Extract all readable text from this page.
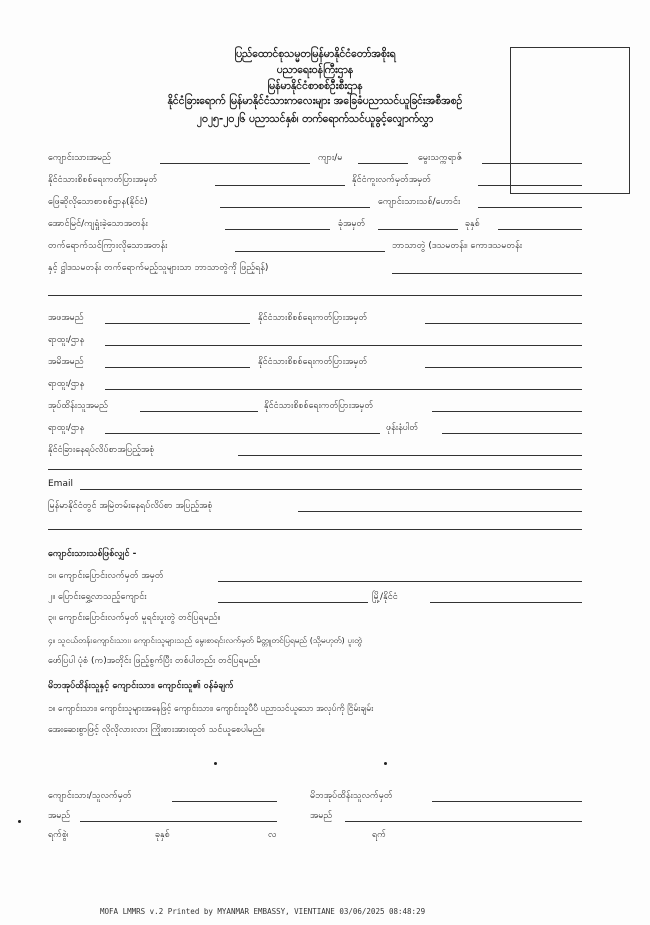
ပြည်ထောင်စုသမ္မတမြန်မာနိုင်ငံတော်အစိုးရ
ပညာရေးဝန်ကြီးဌာန
မြန်မာနိုင်ငံစာစစ်ဦးစီးဌာန
နိုင်ငံခြားရောက် မြန်မာနိုင်ငံသားကလေးများ အခြေခံပညာသင်ယူခြင်းအစီအစဉ်
၂၀၂၅-၂၀၂၆ ပညာသင်နှစ်၊ တက်ရောက်သင်ယူခွင့်လျှောက်လွှာ
ကျောင်းသားအမည်	ကျား/မ	မွေးသက္ကရာဇ်
နိုင်ငံသားစိစစ်ရေးကတ်ပြားအမှတ်	နိုင်ငံကူးလက်မှတ်အမှတ်
ဖြေဆိုလိုသောစာစစ်ဌာန(နိုင်ငံ)	ကျောင်းသားသစ်/ဟောင်း
အောင်မြင်/ကျရှုံးခဲ့သောအတန်း	ခုံအမှတ်	ခုနှစ်
တက်ရောက်သင်ကြားလိုသောအတန်း	ဘာသာတွဲ (ဒသမတန်း၊ ကောဒသမတန်း
နှင့် ဋ္ဌါဒသမတန်း တက်ရောက်မည့်သူများသာ ဘာသာတွဲကို ဖြည့်ရန်)
အဖအမည်	နိုင်ငံသားစိစစ်ရေးကတ်ပြားအမှတ်
ရာထူး/ဌာန
အမိအမည်	နိုင်ငံသားစိစစ်ရေးကတ်ပြားအမှတ်
ရာထူး/ဌာန
အုပ်ထိန်းသူအမည်	နိုင်ငံသားစိစစ်ရေးကတ်ပြားအမှတ်
ရာထူး/ဌာန	ဖုန်းနံပါတ်
နိုင်ငံခြားနေရပ်လိပ်စာအပြည့်အစုံ
Email
မြန်မာနိုင်ငံတွင် အမြဲတမ်းနေရပ်လိပ်စာ အပြည့်အစုံ
ကျောင်းသားသစ်ဖြစ်လျှင် -
၁။ ကျောင်းပြောင်းလက်မှတ် အမှတ်
၂။ ပြောင်းရွှေ့လာသည့်ကျောင်း	မြို့/နိုင်ငံ
၃။ ကျောင်းပြောင်းလက်မှတ် မူရင်းပူးတွဲ တင်ပြရမည်။
၄။ သူငယ်တန်းကျောင်းသား၊ ကျောင်းသူများသည် မွေးစာရင်းလက်မှတ် မိတ္တူတင်ပြရမည် (သို့မဟုတ်) ပူးတွဲ
ဖော်ပြပါ ပုံစံ (က)အတိုင်း ဖြည့်စွက်ပြီး တစ်ပါတည်း တင်ပြရမည်။
မိဘအုပ်ထိန်းသူနှင့် ကျောင်းသား၊ ကျောင်းသူ၏ ဝန်ခံချက်
၁။ ကျောင်းသား၊ ကျောင်းသူများအနေဖြင့် ကျောင်းသား၊ ကျောင်းသူပီပီ ပညာသင်ယူသော အလုပ်ကို ငြိမ်းချမ်း
အေးဆေးစွာဖြင့် လိုလိုလားလား ကြိုးစားအားထုတ် သင်ယူစေပါမည်။
ကျောင်းသား/သူလက်မှတ်	မိဘအုပ်ထိန်းသူလက်မှတ်
အမည်	အမည်
ရက်စွဲ၊	ခုနှစ်	လ	ရက်
MOFA LMMRS v.2 Printed by MYANMAR EMBASSY, VIENTIANE 03/06/2025 08:48:29
